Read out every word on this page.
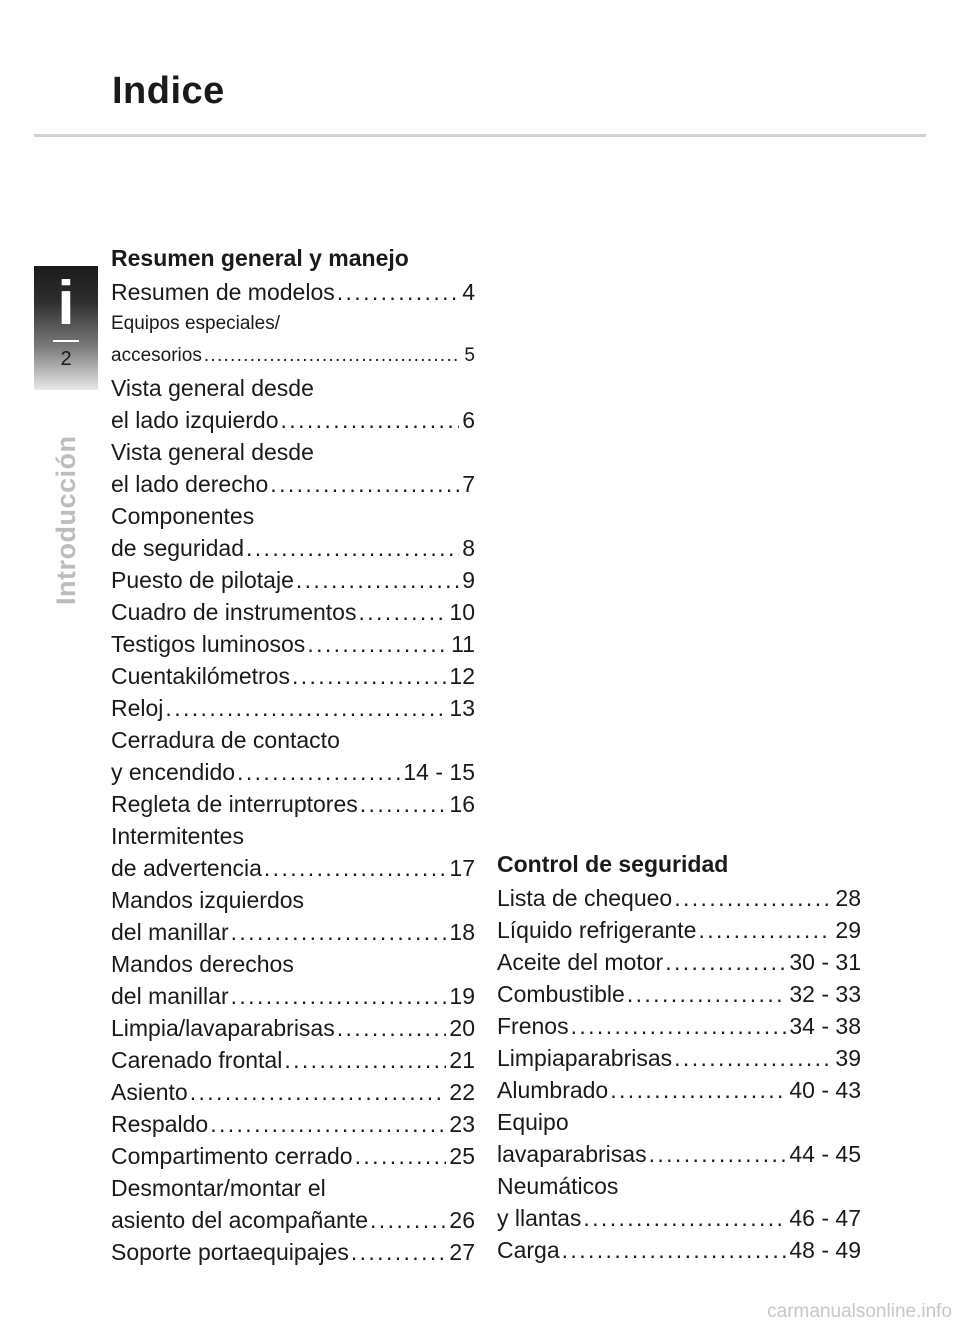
Indice
i
2
Introducción
Resumen general y manejo
Resumen de modelos . . .	4
Equipos especiales/
accesorios . . .	5
Vista general desde
el lado izquierdo . . .	6
Vista general desde
el lado derecho . . .	7
Componentes
de seguridad . . .	8
Puesto de pilotaje . . .	9
Cuadro de instrumentos . . .	10
Testigos luminosos . . .	11
Cuentakilómetros . . .	12
Reloj . . .	13
Cerradura de contacto
y encendido . . .	14 - 15
Regleta de interruptores . . .	16
Intermitentes
de advertencia . . .	17
Mandos izquierdos
del manillar . . .	18
Mandos derechos
del manillar . . .	19
Limpia/lavaparabrisas . . .	20
Carenado frontal . . .	21
Asiento . . .	22
Respaldo . . .	23
Compartimento cerrado . . .	25
Desmontar/montar el
asiento del acompañante . . .	26
Soporte portaequipajes . . .	27
Control de seguridad
Lista de chequeo . . .	28
Líquido refrigerante . . .	29
Aceite del motor . . .	30 - 31
Combustible . . .	32 - 33
Frenos . . .	34 - 38
Limpiaparabrisas . . .	39
Alumbrado . . .	40 - 43
Equipo
lavaparabrisas . . .	44 - 45
Neumáticos
y llantas . . .	46 - 47
Carga . . .	48 - 49
carmanualsonline.info
